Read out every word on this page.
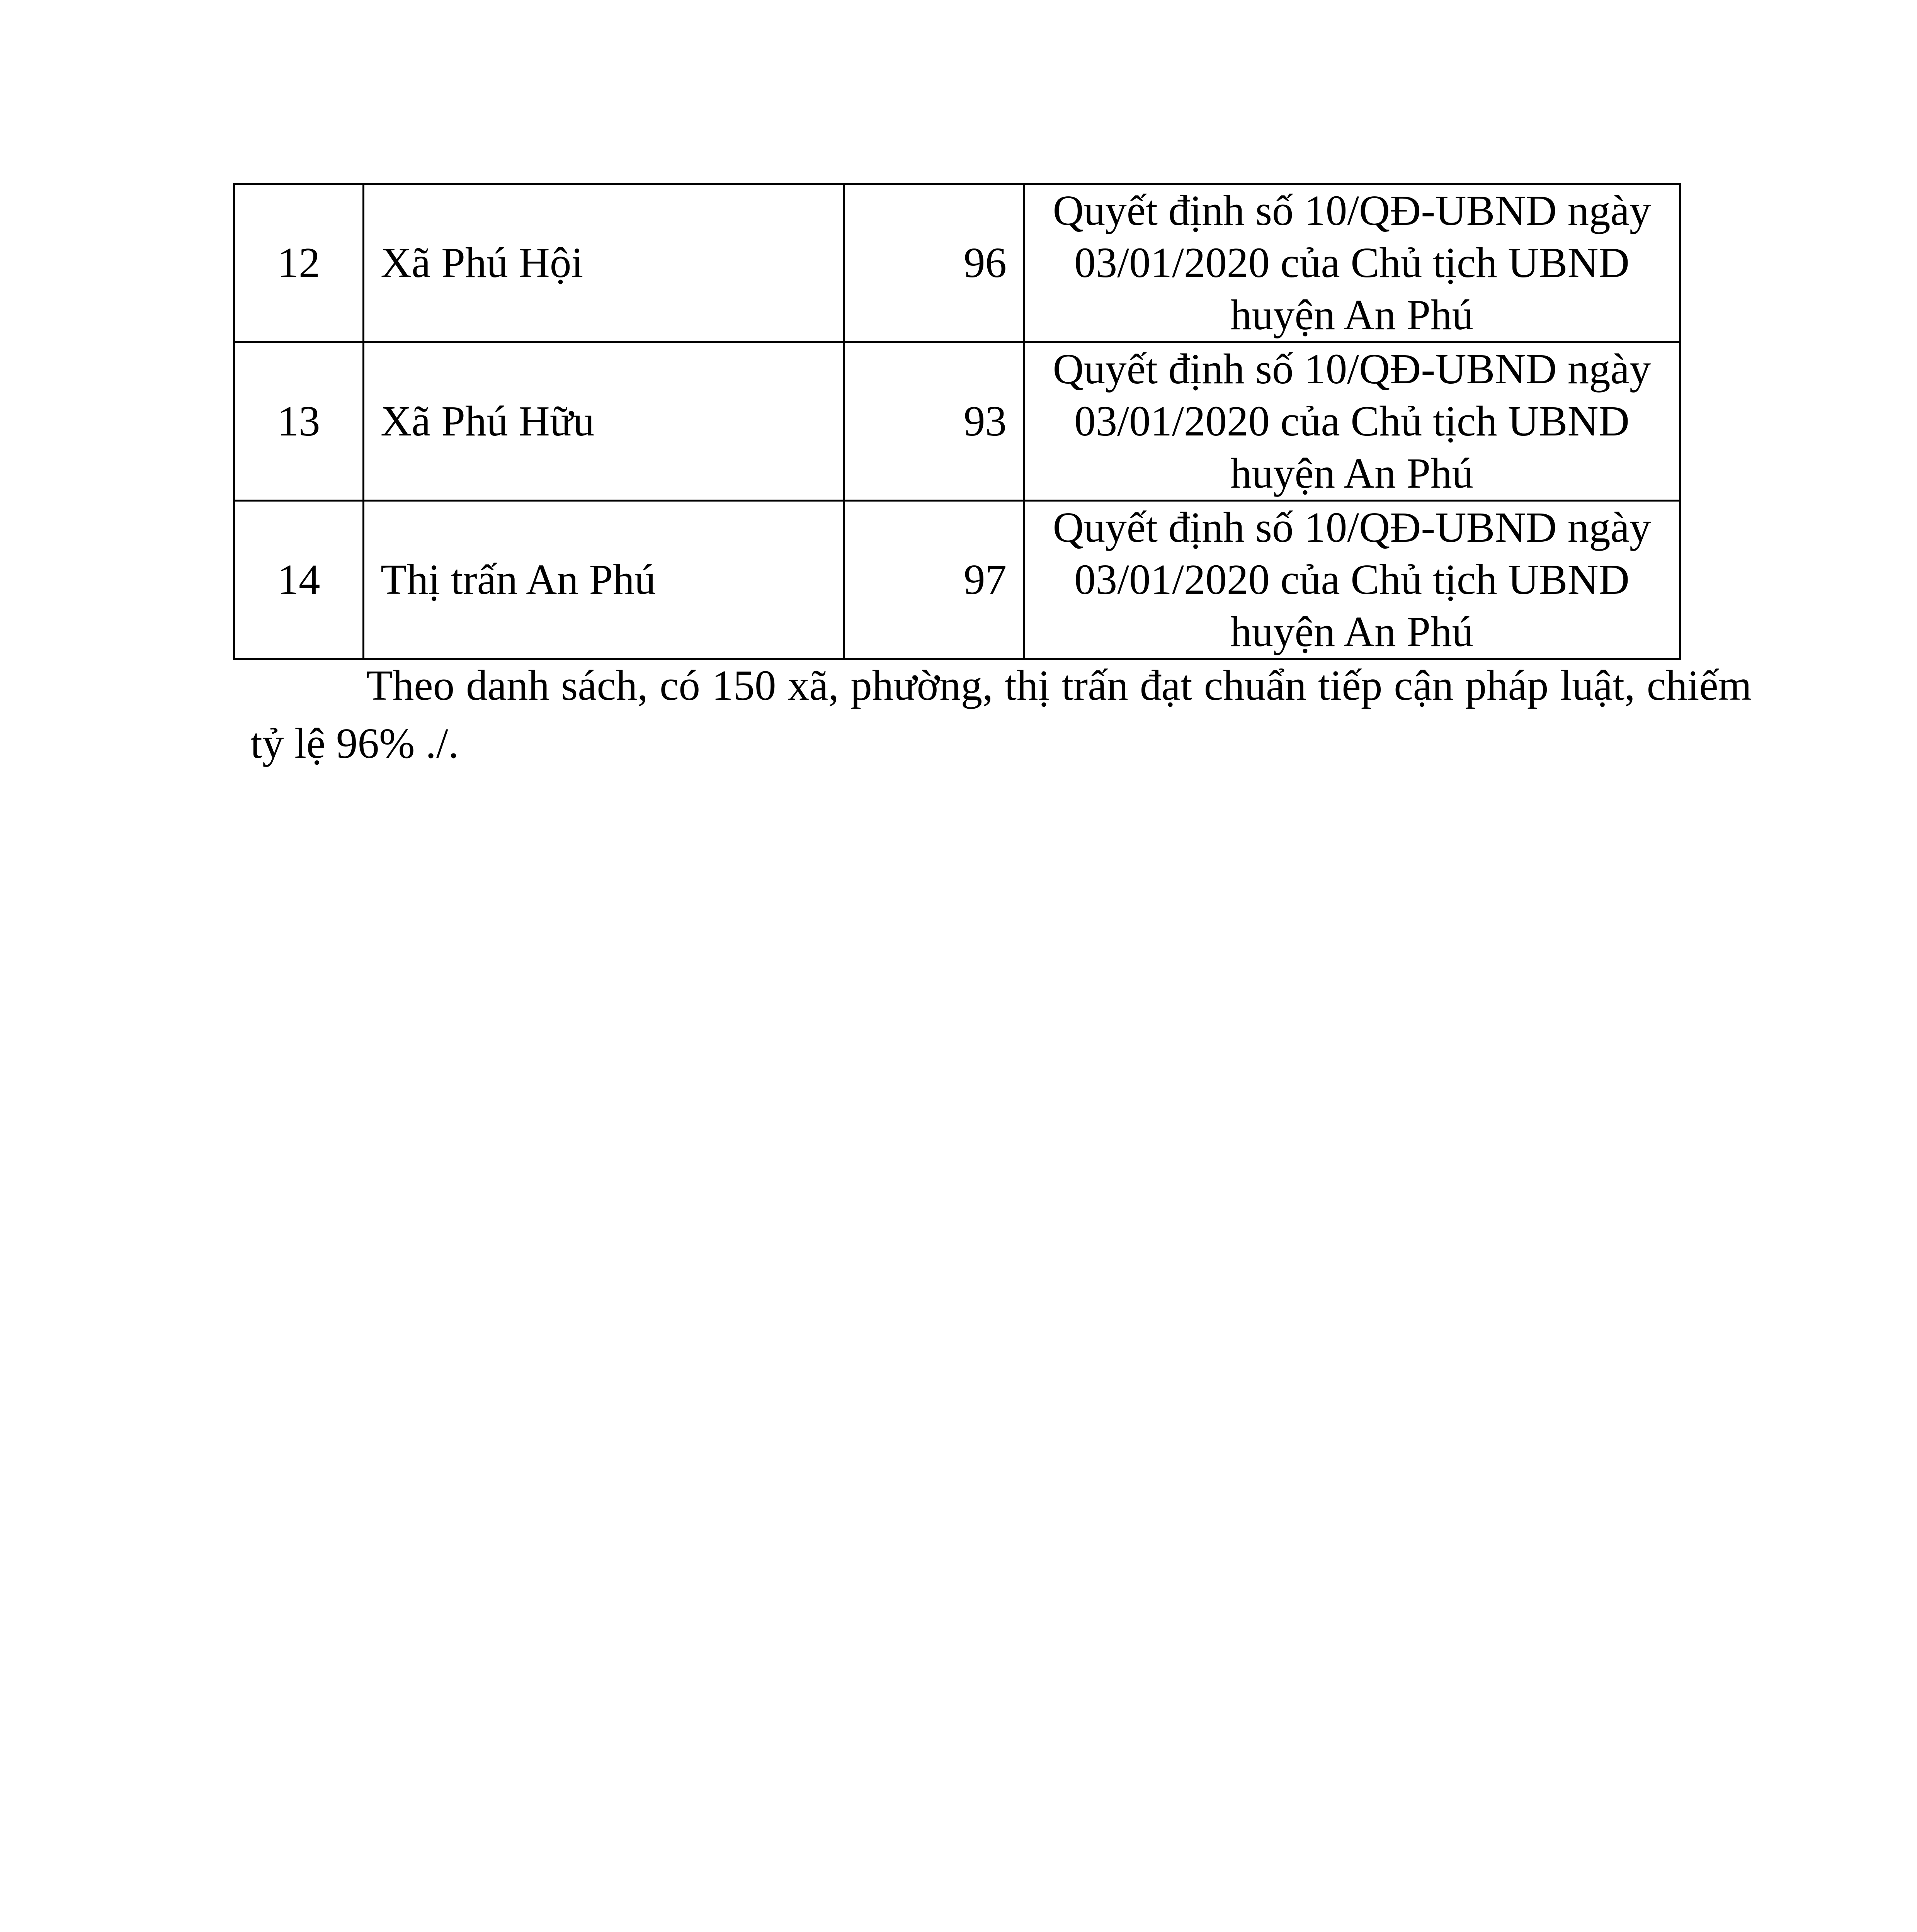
12	Xã Phú Hội	96	Quyết định số 10/QĐ-UBND ngày 03/01/2020 của Chủ tịch UBND huyện An Phú
13	Xã Phú Hữu	93	Quyết định số 10/QĐ-UBND ngày 03/01/2020 của Chủ tịch UBND huyện An Phú
14	Thị trấn An Phú	97	Quyết định số 10/QĐ-UBND ngày 03/01/2020 của Chủ tịch UBND huyện An Phú

Theo danh sách, có 150 xã, phường, thị trấn đạt chuẩn tiếp cận pháp luật, chiếm tỷ lệ 96% ./.
